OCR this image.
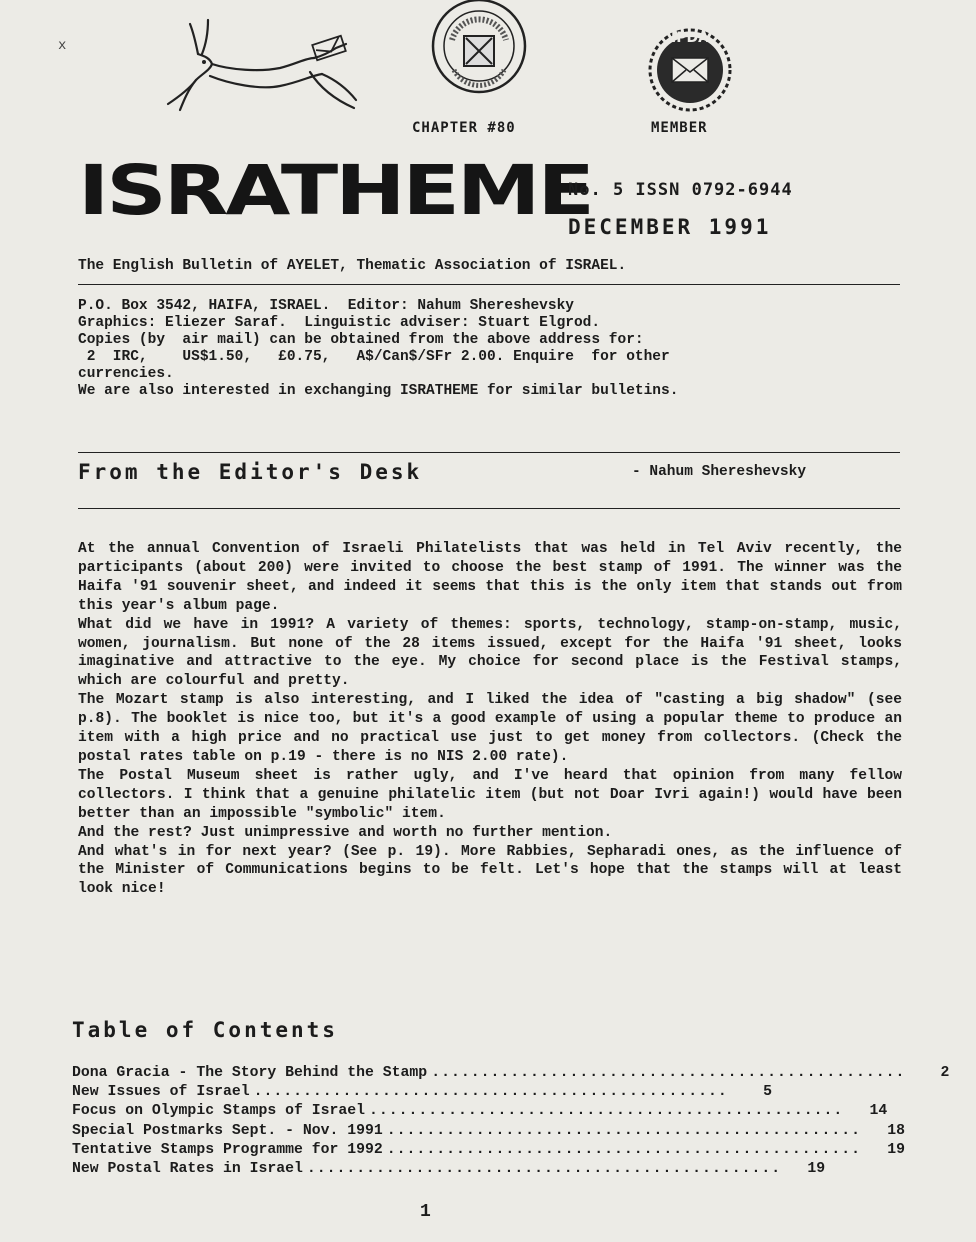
x	IPDA
CHAPTER #80	MEMBER
ISRATHEME
No. 5 ISSN 0792-6944
DECEMBER 1991
The English Bulletin of AYELET, Thematic Association of ISRAEL.
P.O. Box 3542, HAIFA, ISRAEL.  Editor: Nahum Shereshevsky
Graphics: Eliezer Saraf.  Linguistic adviser: Stuart Elgrod.
Copies (by  air mail) can be obtained from the above address for:
2  IRC,    US$1.50,   £0.75,   A$/Can$/SFr 2.00. Enquire  for other
currencies.
We are also interested in exchanging ISRATHEME for similar bulletins.
From the Editor's Desk	- Nahum Shereshevsky

At the annual Convention of Israeli Philatelists that was held in Tel Aviv recently, the participants (about 200) were invited to choose the best stamp of 1991. The winner was the Haifa '91 souvenir sheet, and indeed it seems that this is the only item that stands out from this year's album page.

What did we have in 1991? A variety of themes: sports, technology, stamp-on-stamp, music, women, journalism. But none of the 28 items issued, except for the Haifa '91 sheet, looks imaginative and attractive to the eye. My choice for second place is the Festival stamps, which are colourful and pretty.

The Mozart stamp is also interesting, and I liked the idea of "casting a big shadow" (see p.8). The booklet is nice too, but it's a good example of using a popular theme to produce an item with a high price and no practical use just to get money from collectors. (Check the postal rates table on p.19 - there is no NIS 2.00 rate).

The Postal Museum sheet is rather ugly, and I've heard that opinion from many fellow collectors. I think that a genuine philatelic item (but not Doar Ivri again!) would have been better than an impossible "symbolic" item.

And the rest? Just unimpressive and worth no further mention.

And what's in for next year? (See p. 19). More Rabbies, Sepharadi ones, as the influence of the Minister of Communications begins to be felt. Let's hope that the stamps will at least look nice!

Table of Contents
Dona Gracia - The Story Behind the Stamp ................................................	2
New Issues of Israel ................................................	5
Focus on Olympic Stamps of Israel ................................................	14
Special Postmarks Sept. - Nov. 1991 ................................................	18
Tentative Stamps Programme for 1992 ................................................	19
New Postal Rates in Israel ................................................	19
1
